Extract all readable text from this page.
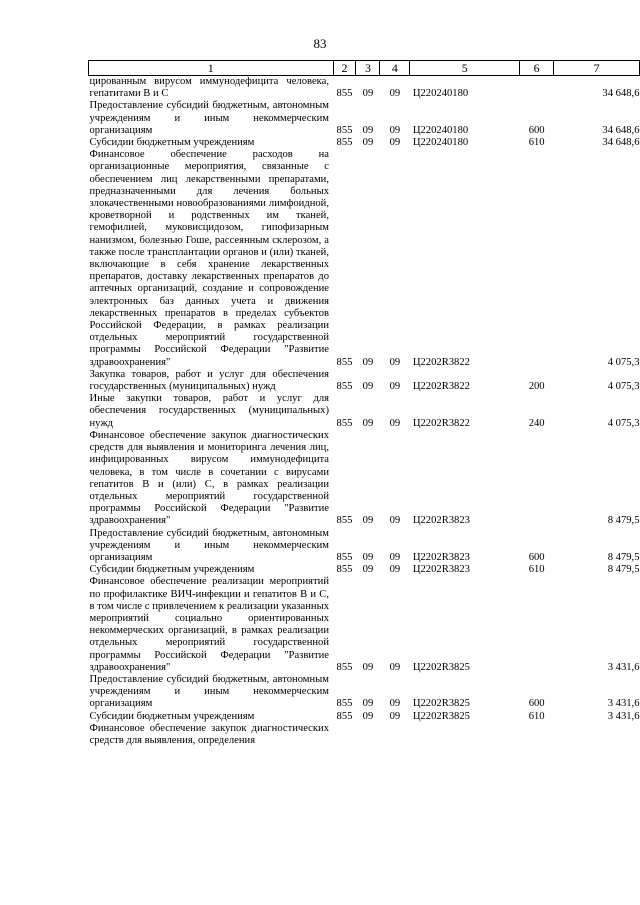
83
1	2	3	4	5	6	7
цированным вирусом иммунодефицита человека, гепатитами В и С	855	09	09	Ц220240180		34 648,6
Предоставление субсидий бюджетным, автономным учреждениям и иным некоммерческим организациям	855	09	09	Ц220240180	600	34 648,6
Субсидии бюджетным учреждениям	855	09	09	Ц220240180	610	34 648,6
Финансовое обеспечение расходов на организационные мероприятия, связанные с обеспечением лиц лекарственными препаратами, предназначенными для лечения больных злокачественными новообразованиями лимфоидной, кроветворной и родственных им тканей, гемофилией, муковисцидозом, гипофизарным нанизмом, болезнью Гоше, рассеянным склерозом, а также после трансплантации органов и (или) тканей, включающие в себя хранение лекарственных препаратов, доставку лекарственных препаратов до аптечных организаций, создание и сопровождение электронных баз данных учета и движения лекарственных препаратов в пределах субъектов Российской Федерации, в рамках реализации отдельных мероприятий государственной программы Российской Федерации "Развитие здравоохранения"	855	09	09	Ц2202R3822		4 075,3
Закупка товаров, работ и услуг для обеспечения государственных (муниципальных) нужд	855	09	09	Ц2202R3822	200	4 075,3
Иные закупки товаров, работ и услуг для обеспечения государственных (муниципальных) нужд	855	09	09	Ц2202R3822	240	4 075,3
Финансовое обеспечение закупок диагностических средств для выявления и мониторинга лечения лиц, инфицированных вирусом иммунодефицита человека, в том числе в сочетании с вирусами гепатитов В и (или) С, в рамках реализации отдельных мероприятий государственной программы Российской Федерации "Развитие здравоохранения"	855	09	09	Ц2202R3823		8 479,5
Предоставление субсидий бюджетным, автономным учреждениям и иным некоммерческим организациям	855	09	09	Ц2202R3823	600	8 479,5
Субсидии бюджетным учреждениям	855	09	09	Ц2202R3823	610	8 479,5
Финансовое обеспечение реализации мероприятий по профилактике ВИЧ-инфекции и гепатитов В и С, в том числе с привлечением к реализации указанных мероприятий социально ориентированных некоммерческих организаций, в рамках реализации отдельных мероприятий государственной программы Российской Федерации "Развитие здравоохранения"	855	09	09	Ц2202R3825		3 431,6
Предоставление субсидий бюджетным, автономным учреждениям и иным некоммерческим организациям	855	09	09	Ц2202R3825	600	3 431,6
Субсидии бюджетным учреждениям	855	09	09	Ц2202R3825	610	3 431,6
Финансовое обеспечение закупок диагностических средств для выявления, определения						
